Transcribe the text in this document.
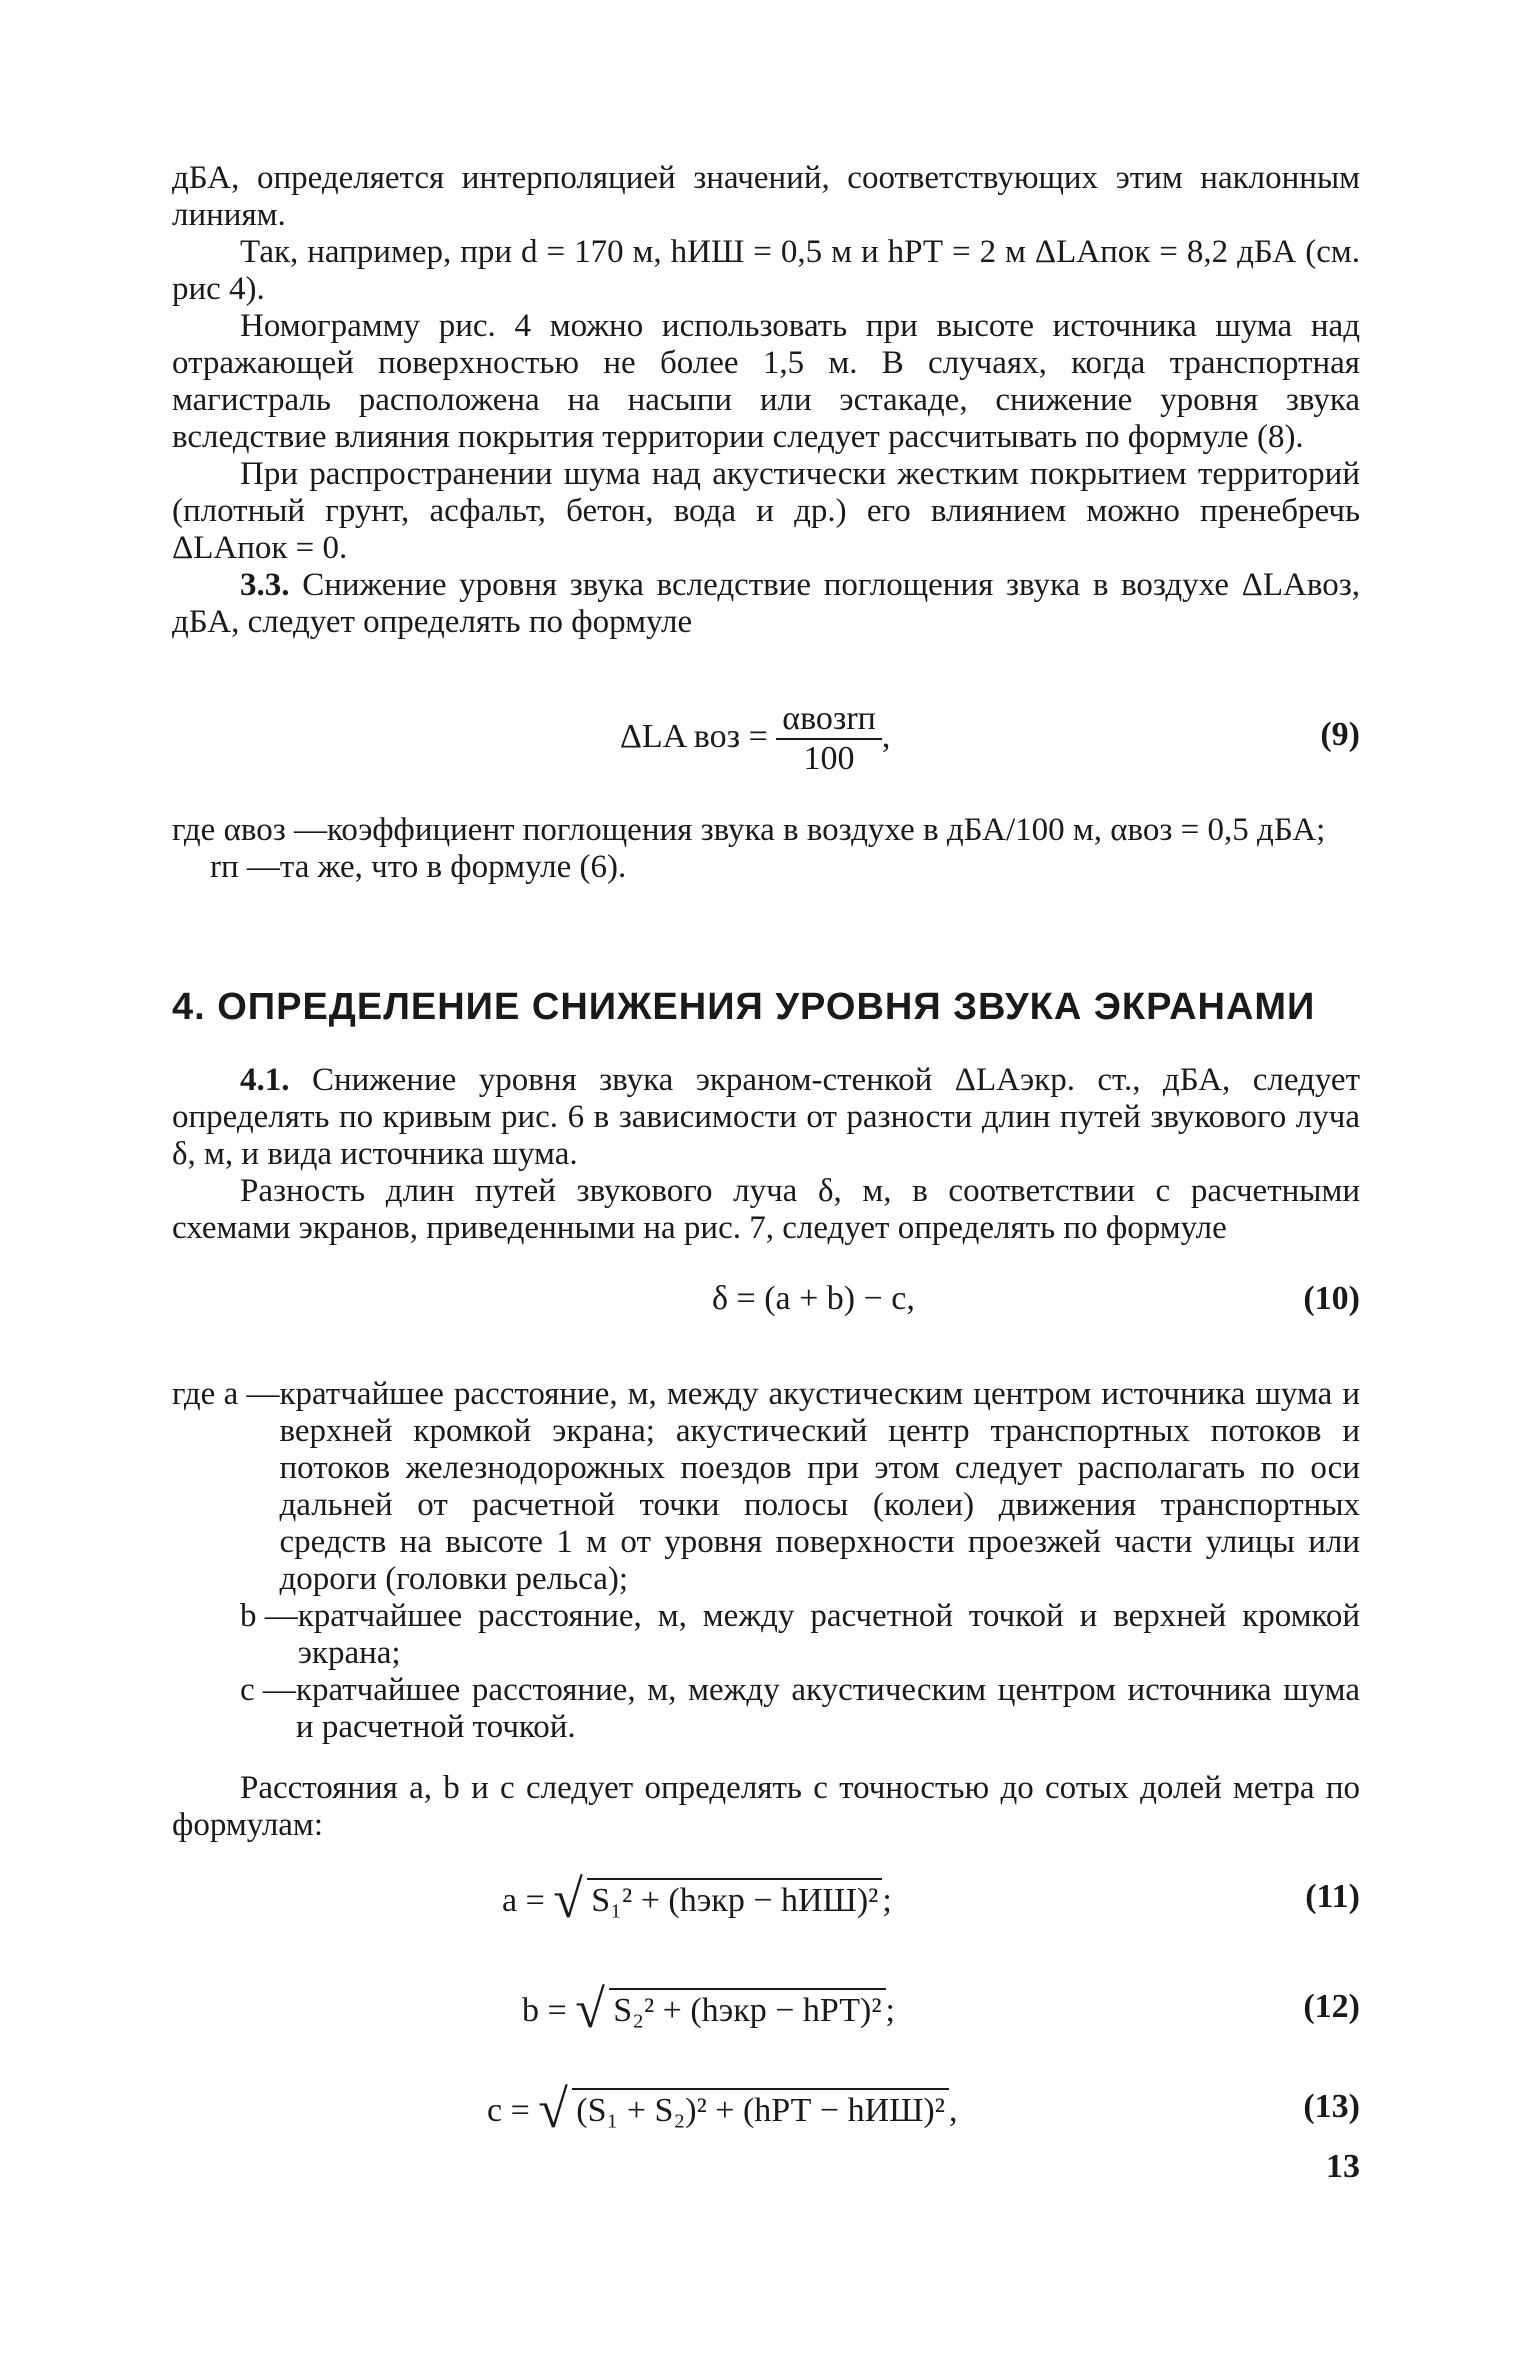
дБА, определяется интерполяцией значений, соответствующих этим наклонным линиям.

Так, например, при d = 170 м, hИШ = 0,5 м и hРТ = 2 м ΔLAпок = 8,2 дБА (см. рис 4).

Номограмму рис. 4 можно использовать при высоте источника шума над отражающей поверхностью не более 1,5 м. В случаях, когда транспортная магистраль расположена на насыпи или эстакаде, снижение уровня звука вследствие влияния покрытия территории следует рассчитывать по формуле (8).

При распространении шума над акустически жестким покрытием территорий (плотный грунт, асфальт, бетон, вода и др.) его влиянием можно пренебречь ΔLAпок = 0.

3.3. Снижение уровня звука вследствие поглощения звука в воздухе ΔLAвоз, дБА, следует определять по формуле

ΔLA воз = $\frac{\text{αвозrп}}{100}$ ,	(9)
где αвоз — коэффициент поглощения звука в воздухе в дБА/100 м, αвоз = 0,5 дБА;
rп — та же, что в формуле (6).
4. ОПРЕДЕЛЕНИЕ СНИЖЕНИЯ УРОВНЯ ЗВУКА ЭКРАНАМИ

4.1. Снижение уровня звука экраном-стенкой ΔLAэкр. ст., дБА, следует определять по кривым рис. 6 в зависимости от разности длин путей звукового луча δ, м, и вида источника шума.

Разность длин путей звукового луча δ, м, в соответствии с расчетными схемами экранов, приведенными на рис. 7, следует определять по формуле

δ = (a + b) − c,	(10)
где a — кратчайшее расстояние, м, между акустическим центром источника шума и верхней кромкой экрана; акустический центр транспортных потоков и потоков железнодорожных поездов при этом следует располагать по оси дальней от расчетной точки полосы (колеи) движения транспортных средств на высоте 1 м от уровня поверхности проезжей части улицы или дороги (головки рельса);
b — кратчайшее расстояние, м, между расчетной точкой и верхней кромкой экрана;
c — кратчайшее расстояние, м, между акустическим центром источника шума и расчетной точкой.

Расстояния a, b и c следует определять с точностью до сотых долей метра по формулам:

a = √ S₁² + (hэкр − hИШ)² ;	(11)
b = √ S₂² + (hэкр − hРТ)² ;	(12)
c = √ (S₁ + S₂)² + (hРТ − hИШ)² ,	(13)
13
